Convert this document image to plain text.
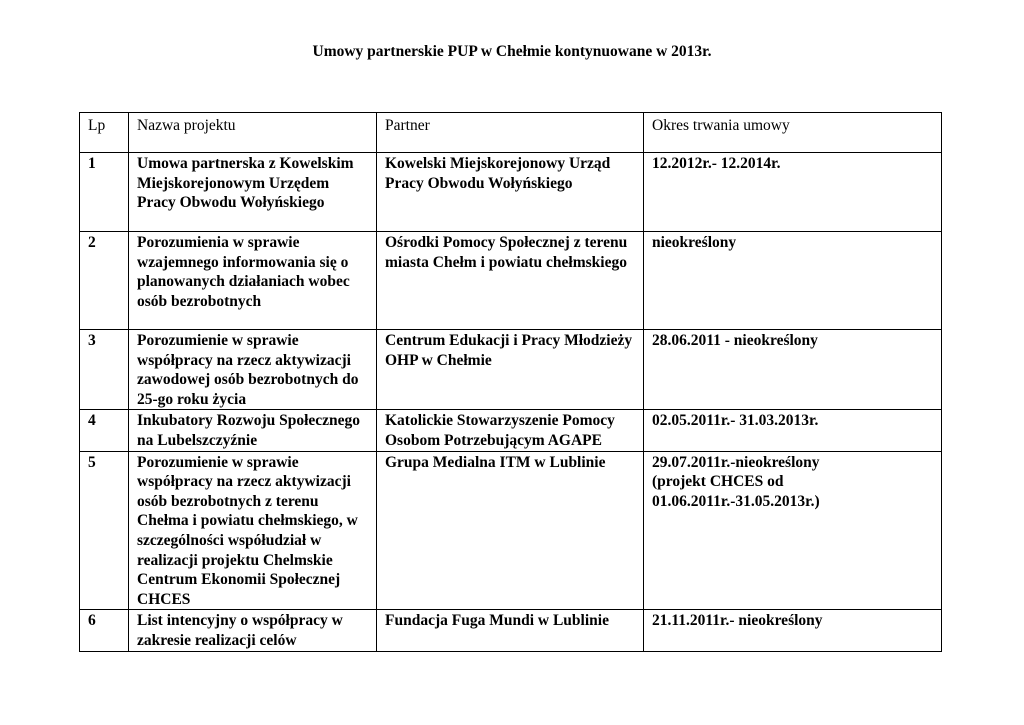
Umowy partnerskie PUP w Chełmie kontynuowane w 2013r.
Lp	Nazwa projektu	Partner	Okres trwania umowy
1	Umowa partnerska z Kowelskim Miejskorejonowym Urzędem Pracy Obwodu Wołyńskiego	Kowelski Miejskorejonowy Urząd Pracy Obwodu Wołyńskiego	12.2012r.- 12.2014r.
2	Porozumienia w sprawie wzajemnego informowania się o planowanych działaniach wobec osób bezrobotnych	Ośrodki Pomocy Społecznej z terenu miasta Chełm i powiatu chełmskiego	nieokreślony
3	Porozumienie w sprawie współpracy na rzecz aktywizacji zawodowej osób bezrobotnych do 25-go roku życia	Centrum Edukacji i Pracy Młodzieży OHP w Chełmie	28.06.2011 - nieokreślony
4	Inkubatory Rozwoju Społecznego na Lubelszczyźnie	Katolickie Stowarzyszenie Pomocy Osobom Potrzebującym AGAPE	02.05.2011r.- 31.03.2013r.
5	Porozumienie w sprawie współpracy na rzecz aktywizacji osób bezrobotnych z terenu Chełma i powiatu chełmskiego, w szczególności współudział w realizacji projektu Chelmskie Centrum Ekonomii Społecznej CHCES	Grupa Medialna ITM w Lublinie	29.07.2011r.-nieokreślony
(projekt CHCES od 01.06.2011r.-31.05.2013r.)
6	List intencyjny o współpracy w zakresie realizacji celów	Fundacja Fuga Mundi w Lublinie	21.11.2011r.- nieokreślony
